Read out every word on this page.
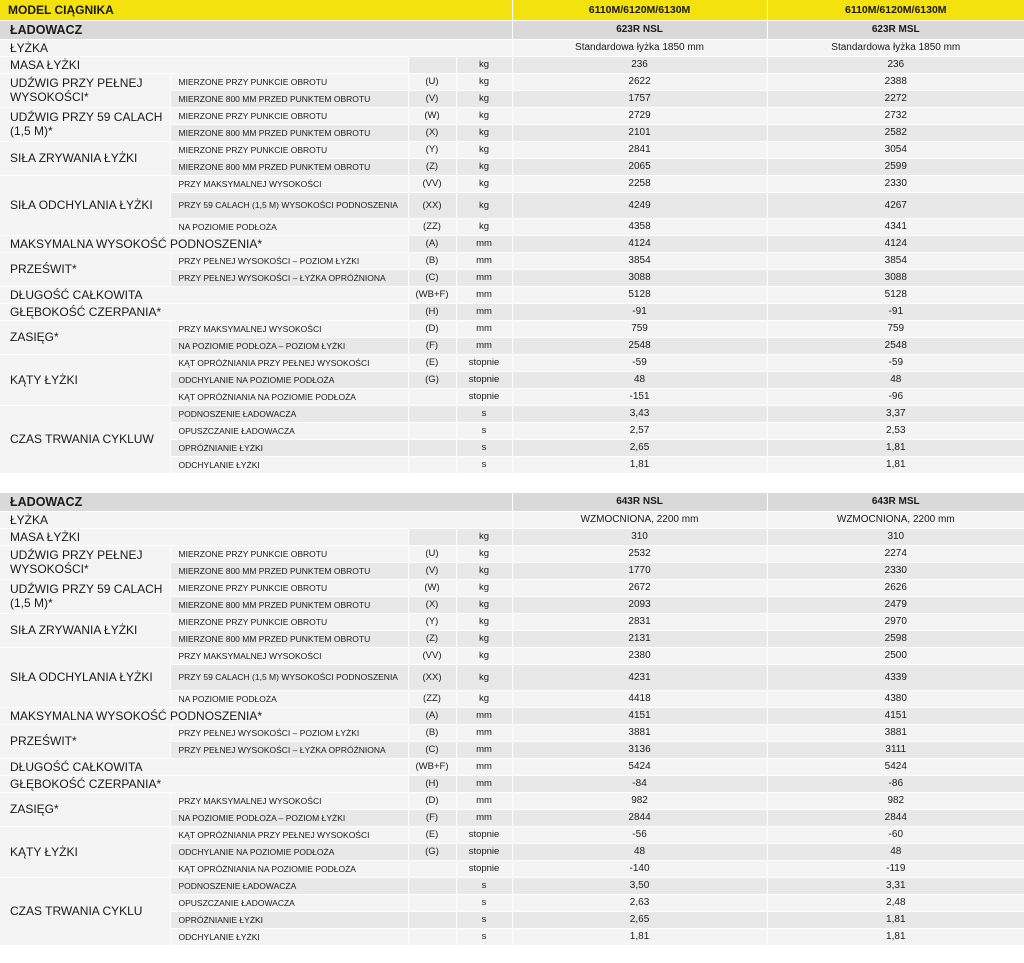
MODEL CIĄGNIKA	6110M/6120M/6130M	6110M/6120M/6130M
ŁADOWACZ				623R NSL	623R MSL
ŁYŻKA				Standardowa łyżka 1850 mm	Standardowa łyżka 1850 mm
MASA ŁYŻKI			kg	236	236
UDŹWIG PRZY PEŁNEJ WYSOKOŚCI*	MIERZONE PRZY PUNKCIE OBROTU	(U)	kg	2622	2388
	MIERZONE 800 MM PRZED PUNKTEM OBROTU	(V)	kg	1757	2272
UDŹWIG PRZY 59 CALACH (1,5 M)*	MIERZONE PRZY PUNKCIE OBROTU	(W)	kg	2729	2732
	MIERZONE 800 MM PRZED PUNKTEM OBROTU	(X)	kg	2101	2582
SIŁA ZRYWANIA ŁYŻKI	MIERZONE PRZY PUNKCIE OBROTU	(Y)	kg	2841	3054
	MIERZONE 800 MM PRZED PUNKTEM OBROTU	(Z)	kg	2065	2599
SIŁA ODCHYLANIA ŁYŻKI	PRZY MAKSYMALNEJ WYSOKOŚCI	(VV)	kg	2258	2330
	PRZY 59 CALACH (1,5 M) WYSOKOŚCI PODNOSZENIA	(XX)	kg	4249	4267
	NA POZIOMIE PODŁOŻA	(ZZ)	kg	4358	4341
MAKSYMALNA WYSOKOŚĆ PODNOSZENIA*		(A)	mm	4124	4124
PRZEŚWIT*	PRZY PEŁNEJ WYSOKOŚCI – POZIOM ŁYŻKI	(B)	mm	3854	3854
	PRZY PEŁNEJ WYSOKOŚCI – ŁYŻKA OPRÓŻNIONA	(C)	mm	3088	3088
DŁUGOŚĆ CAŁKOWITA		(WB+F)	mm	5128	5128
GŁĘBOKOŚĆ CZERPANIA*		(H)	mm	-91	-91
ZASIĘG*	PRZY MAKSYMALNEJ WYSOKOŚCI	(D)	mm	759	759
	NA POZIOMIE PODŁOŻA – POZIOM ŁYŻKI	(F)	mm	2548	2548
KĄTY ŁYŻKI	KĄT OPRÓŻNIANIA PRZY PEŁNEJ WYSOKOŚCI	(E)	stopnie	-59	-59
	ODCHYLANIE NA POZIOMIE PODŁOŻA	(G)	stopnie	48	48
	KĄT OPRÓŻNIANIA NA POZIOMIE PODŁOŻA		stopnie	-151	-96
CZAS TRWANIA CYKLUW	PODNOSZENIE ŁADOWACZA		s	3,43	3,37
	OPUSZCZANIE ŁADOWACZA		s	2,57	2,53
	OPRÓŻNIANIE ŁYŻKI		s	2,65	1,81
	ODCHYLANIE ŁYŻKI		s	1,81	1,81
ŁADOWACZ				643R NSL	643R MSL
ŁYŻKA				WZMOCNIONA, 2200 mm	WZMOCNIONA, 2200 mm
MASA ŁYŻKI			kg	310	310
UDŹWIG PRZY PEŁNEJ WYSOKOŚCI*	MIERZONE PRZY PUNKCIE OBROTU	(U)	kg	2532	2274
	MIERZONE 800 MM PRZED PUNKTEM OBROTU	(V)	kg	1770	2330
UDŹWIG PRZY 59 CALACH (1,5 M)*	MIERZONE PRZY PUNKCIE OBROTU	(W)	kg	2672	2626
	MIERZONE 800 MM PRZED PUNKTEM OBROTU	(X)	kg	2093	2479
SIŁA ZRYWANIA ŁYŻKI	MIERZONE PRZY PUNKCIE OBROTU	(Y)	kg	2831	2970
	MIERZONE 800 MM PRZED PUNKTEM OBROTU	(Z)	kg	2131	2598
SIŁA ODCHYLANIA ŁYŻKI	PRZY MAKSYMALNEJ WYSOKOŚCI	(VV)	kg	2380	2500
	PRZY 59 CALACH (1,5 M) WYSOKOŚCI PODNOSZENIA	(XX)	kg	4231	4339
	NA POZIOMIE PODŁOŻA	(ZZ)	kg	4418	4380
MAKSYMALNA WYSOKOŚĆ PODNOSZENIA*		(A)	mm	4151	4151
PRZEŚWIT*	PRZY PEŁNEJ WYSOKOŚCI – POZIOM ŁYŻKI	(B)	mm	3881	3881
	PRZY PEŁNEJ WYSOKOŚCI – ŁYŻKA OPRÓŻNIONA	(C)	mm	3136	3111
DŁUGOŚĆ CAŁKOWITA		(WB+F)	mm	5424	5424
GŁĘBOKOŚĆ CZERPANIA*		(H)	mm	-84	-86
ZASIĘG*	PRZY MAKSYMALNEJ WYSOKOŚCI	(D)	mm	982	982
	NA POZIOMIE PODŁOŻA – POZIOM ŁYŻKI	(F)	mm	2844	2844
KĄTY ŁYŻKI	KĄT OPRÓŻNIANIA PRZY PEŁNEJ WYSOKOŚCI	(E)	stopnie	-56	-60
	ODCHYLANIE NA POZIOMIE PODŁOŻA	(G)	stopnie	48	48
	KĄT OPRÓŻNIANIA NA POZIOMIE PODŁOŻA		stopnie	-140	-119
CZAS TRWANIA CYKLU	PODNOSZENIE ŁADOWACZA		s	3,50	3,31
	OPUSZCZANIE ŁADOWACZA		s	2,63	2,48
	OPRÓŻNIANIE ŁYŻKI		s	2,65	1,81
	ODCHYLANIE ŁYŻKI		s	1,81	1,81
